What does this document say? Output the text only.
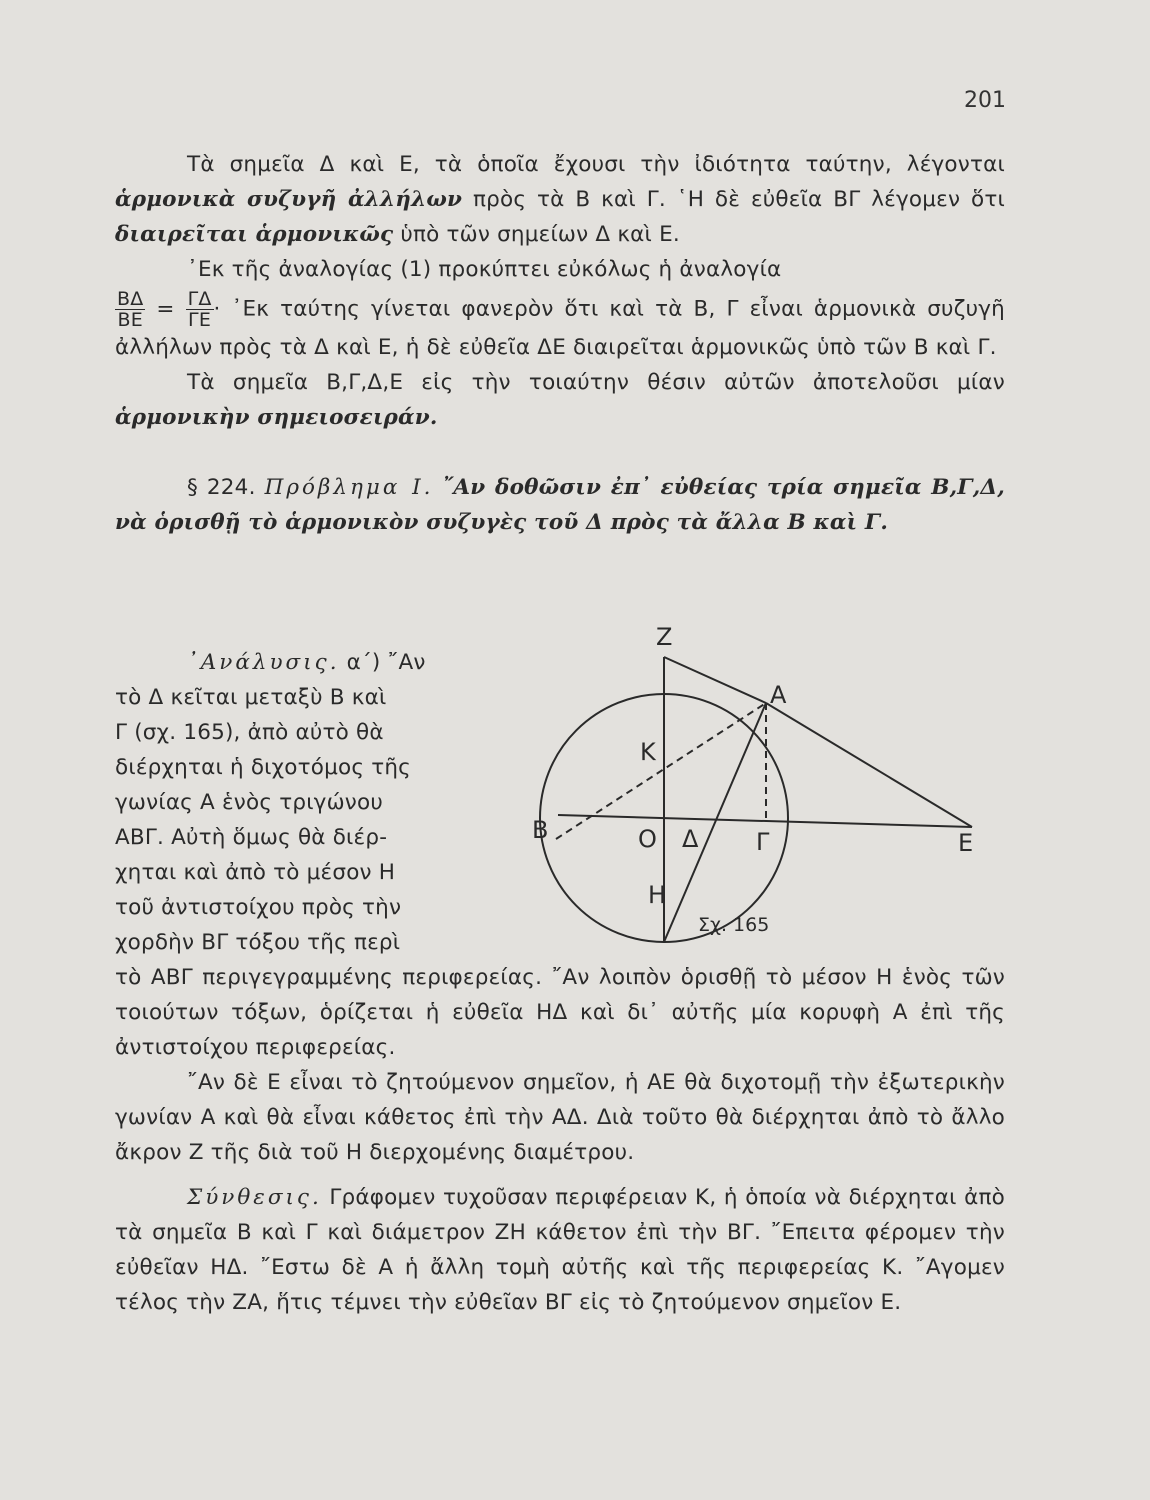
201

Τὰ σημεῖα Δ καὶ Ε, τὰ ὁποῖα ἔχουσι τὴν ἰδιότητα ταύτην, λέγονται ἁρμονικὰ συζυγῆ ἀλλήλων πρὸς τὰ Β καὶ Γ. ῾Η δὲ εὐθεῖα ΒΓ λέγομεν ὅτι διαιρεῖται ἁρμονικῶς ὑπὸ τῶν σημείων Δ καὶ Ε.

᾿Εκ τῆς ἀναλογίας (1) προκύπτει εὐκόλως ἡ ἀναλογία

$\frac{B\Delta}{BE} = \frac{\Gamma\Delta}{\Gamma E}$ · ᾿Εκ ταύτης γίνεται φανερὸν ὅτι καὶ τὰ Β, Γ εἶναι ἁρμονικὰ συζυγῆ ἀλλήλων πρὸς τὰ Δ καὶ Ε, ἡ δὲ εὐθεῖα ΔΕ διαιρεῖται ἁρμονικῶς ὑπὸ τῶν Β καὶ Γ.

Τὰ σημεῖα Β,Γ,Δ,Ε εἰς τὴν τοιαύτην θέσιν αὐτῶν ἀποτελοῦσι μίαν ἁρμονικὴν σημειοσειράν.

§ 224. Πρόβλημα Ι. ῎Αν δοθῶσιν ἐπ᾿ εὐθείας τρία σημεῖα Β,Γ,Δ, νὰ ὁρισθῇ τὸ ἁρμονικὸν συζυγὲς τοῦ Δ πρὸς τὰ ἄλλα Β καὶ Γ.

᾿Ανάλυσις. α΄) ῎Αν
τὸ Δ κεῖται μεταξὺ Β καὶ
Γ (σχ. 165), ἀπὸ αὐτὸ θὰ
διέρχηται ἡ διχοτόμος τῆς
γωνίας Α ἑνὸς τριγώνου
ΑΒΓ. Αὐτὴ ὅμως θὰ διέρ-
χηται καὶ ἀπὸ τὸ μέσον Η
τοῦ ἀντιστοίχου πρὸς τὴν
χορδὴν ΒΓ τόξου τῆς περὶ
Ζ
Α
Κ
Β	Ο Δ Γ	Ε
Η
Σχ. 165

τὸ ΑΒΓ περιγεγραμμένης περιφερείας. ῎Αν λοιπὸν ὁρισθῇ τὸ μέσον Η ἑνὸς τῶν τοιούτων τόξων, ὁρίζεται ἡ εὐθεῖα ΗΔ καὶ δι᾿ αὐτῆς μία κορυφὴ Α ἐπὶ τῆς ἀντιστοίχου περιφερείας.

῎Αν δὲ Ε εἶναι τὸ ζητούμενον σημεῖον, ἡ ΑΕ θὰ διχοτομῇ τὴν ἐξωτερικὴν γωνίαν Α καὶ θὰ εἶναι κάθετος ἐπὶ τὴν ΑΔ. Διὰ τοῦτο θὰ διέρχηται ἀπὸ τὸ ἄλλο ἄκρον Ζ τῆς διὰ τοῦ Η διερχομένης διαμέτρου.

Σύνθεσις. Γράφομεν τυχοῦσαν περιφέρειαν Κ, ἡ ὁποία νὰ διέρχηται ἀπὸ τὰ σημεῖα Β καὶ Γ καὶ διάμετρον ΖΗ κάθετον ἐπὶ τὴν ΒΓ. ῎Επειτα φέρομεν τὴν εὐθεῖαν ΗΔ. ῎Εστω δὲ Α ἡ ἄλλη τομὴ αὐτῆς καὶ τῆς περιφερείας Κ. ῎Αγομεν τέλος τὴν ΖΑ, ἥτις τέμνει τὴν εὐθεῖαν ΒΓ εἰς τὸ ζητούμενον σημεῖον Ε.
